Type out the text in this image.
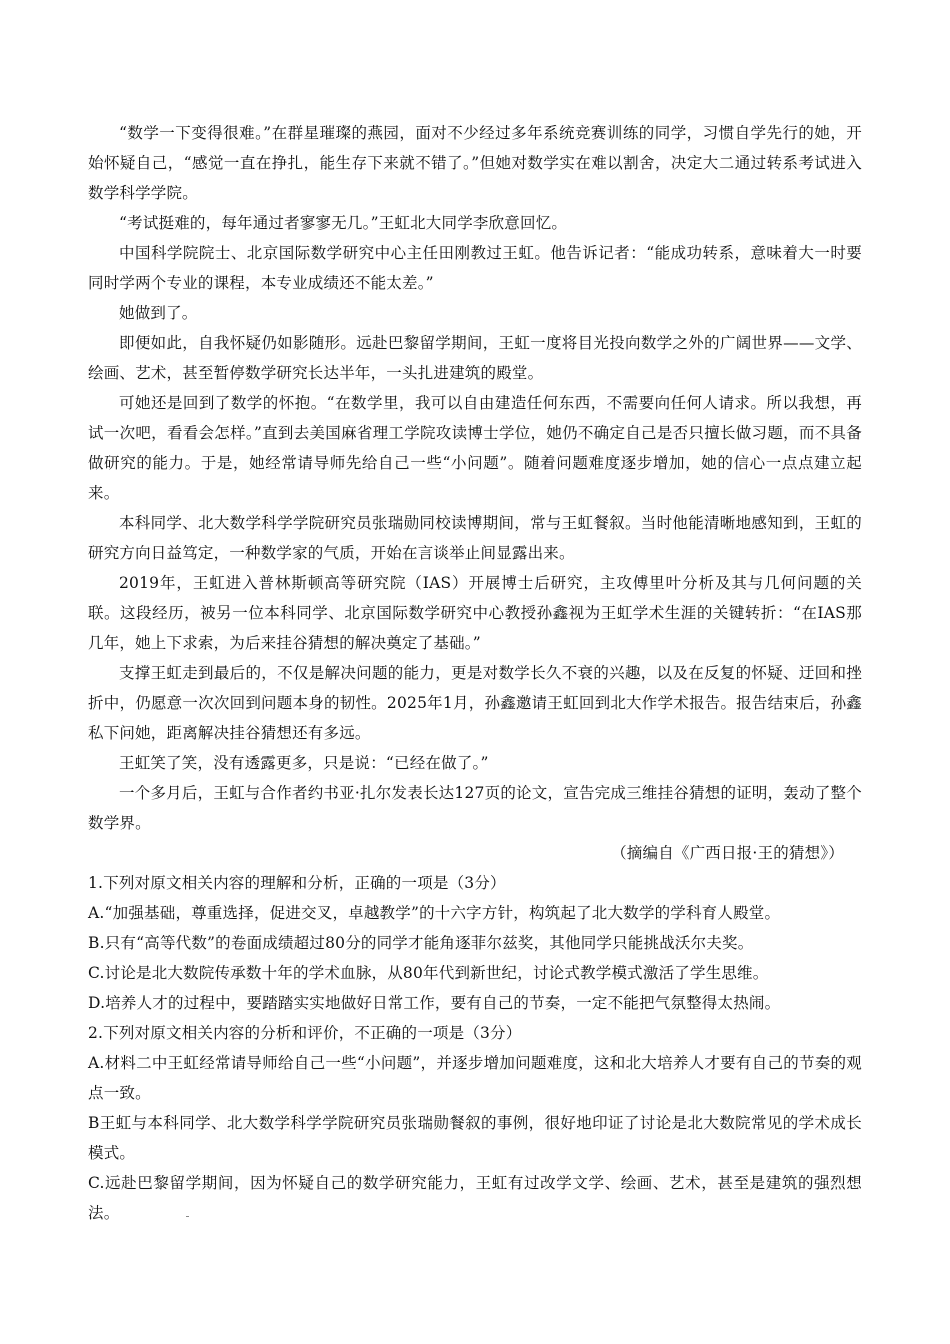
“数学一下变得很难。”在群星璀璨的燕园，面对不少经过多年系统竞赛训练的同学，习惯自学先行的她，开始怀疑自己，“感觉一直在挣扎，能生存下来就不错了。”但她对数学实在难以割舍，决定大二通过转系考试进入数学科学学院。

“考试挺难的，每年通过者寥寥无几。”王虹北大同学李欣意回忆。

中国科学院院士、北京国际数学研究中心主任田刚教过王虹。他告诉记者：“能成功转系，意味着大一时要同时学两个专业的课程，本专业成绩还不能太差。”

她做到了。

即便如此，自我怀疑仍如影随形。远赴巴黎留学期间，王虹一度将目光投向数学之外的广阔世界——文学、绘画、艺术，甚至暂停数学研究长达半年，一头扎进建筑的殿堂。

可她还是回到了数学的怀抱。“在数学里，我可以自由建造任何东西，不需要向任何人请求。所以我想，再试一次吧，看看会怎样。”直到去美国麻省理工学院攻读博士学位，她仍不确定自己是否只擅长做习题，而不具备做研究的能力。于是，她经常请导师先给自己一些“小问题”。随着问题难度逐步增加，她的信心一点点建立起来。

本科同学、北大数学科学学院研究员张瑞勋同校读博期间，常与王虹餐叙。当时他能清晰地感知到，王虹的研究方向日益笃定，一种数学家的气质，开始在言谈举止间显露出来。

2019年，王虹进入普林斯顿高等研究院（IAS）开展博士后研究，主攻傅里叶分析及其与几何问题的关联。这段经历，被另一位本科同学、北京国际数学研究中心教授孙鑫视为王虹学术生涯的关键转折：“在IAS那几年，她上下求索，为后来挂谷猜想的解决奠定了基础。”

支撑王虹走到最后的，不仅是解决问题的能力，更是对数学长久不衰的兴趣，以及在反复的怀疑、迂回和挫折中，仍愿意一次次回到问题本身的韧性。2025年1月，孙鑫邀请王虹回到北大作学术报告。报告结束后，孙鑫私下问她，距离解决挂谷猜想还有多远。

王虹笑了笑，没有透露更多，只是说：“已经在做了。”

一个多月后，王虹与合作者约书亚·扎尔发表长达127页的论文，宣告完成三维挂谷猜想的证明，轰动了整个数学界。

（摘编自《广西日报·王的猜想》）

1.下列对原文相关内容的理解和分析，正确的一项是（3分）

A.“加强基础，尊重选择，促进交叉，卓越教学”的十六字方针，构筑起了北大数学的学科育人殿堂。

B.只有“高等代数”的卷面成绩超过80分的同学才能角逐菲尔兹奖，其他同学只能挑战沃尔夫奖。

C.讨论是北大数院传承数十年的学术血脉，从80年代到新世纪，讨论式教学模式激活了学生思维。

D.培养人才的过程中，要踏踏实实地做好日常工作，要有自己的节奏，一定不能把气氛整得太热闹。

2.下列对原文相关内容的分析和评价，不正确的一项是（3分）

A.材料二中王虹经常请导师给自己一些“小问题”，并逐步增加问题难度，这和北大培养人才要有自己的节奏的观点一致。

B王虹与本科同学、北大数学科学学院研究员张瑞勋餐叙的事例，很好地印证了讨论是北大数院常见的学术成长模式。

C.远赴巴黎留学期间，因为怀疑自己的数学研究能力，王虹有过改学文学、绘画、艺术，甚至是建筑的强烈想法。
